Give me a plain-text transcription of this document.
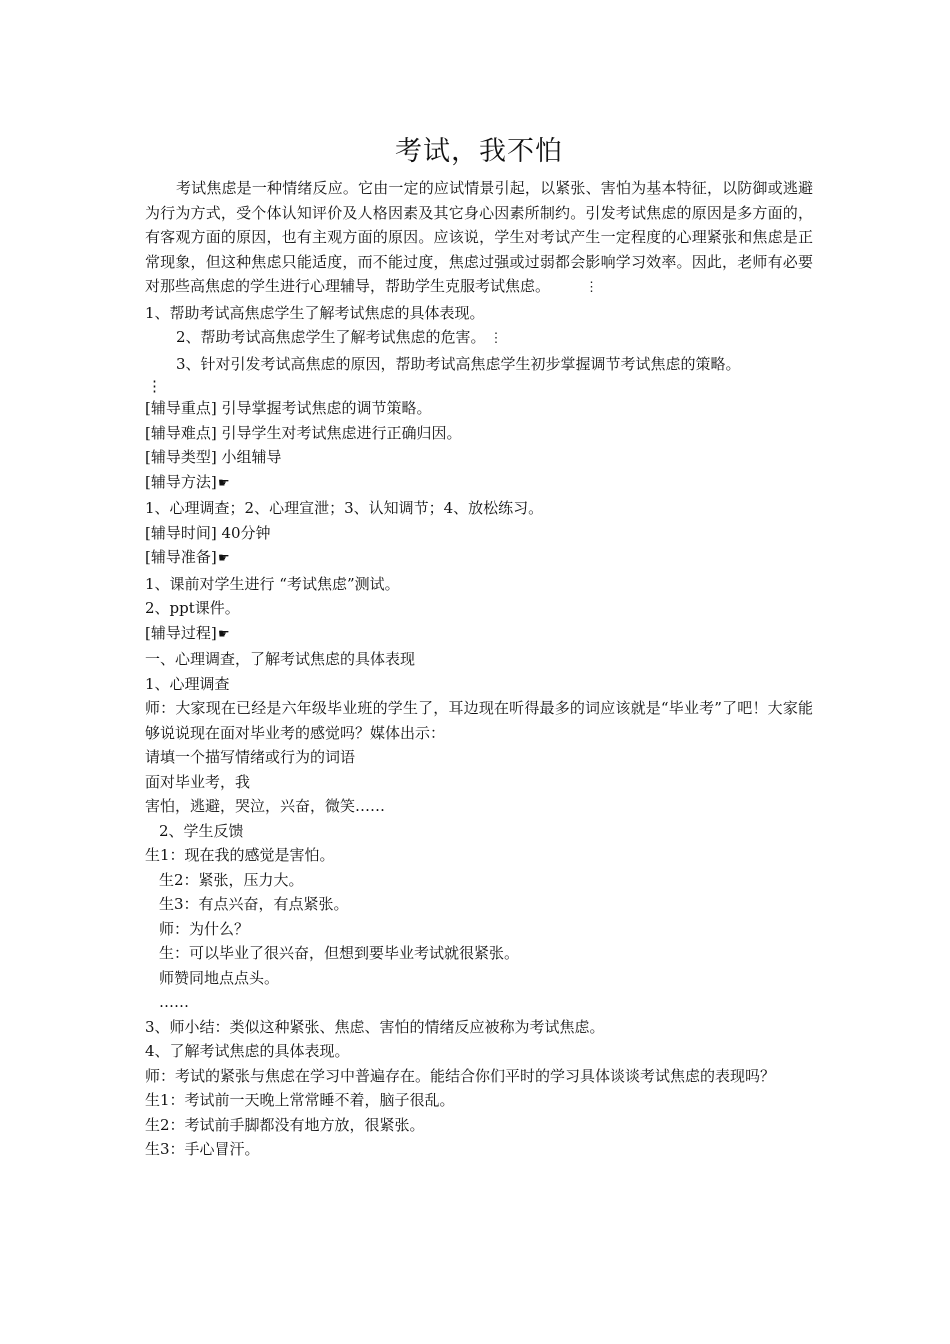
考试，我不怕

考试焦虑是一种情绪反应。它由一定的应试情景引起，以紧张、害怕为基本特征，以防御或逃避为行为方式，受个体认知评价及人格因素及其它身心因素所制约。引发考试焦虑的原因是多方面的，有客观方面的原因，也有主观方面的原因。应该说，学生对考试产生一定程度的心理紧张和焦虑是正常现象，但这种焦虑只能适度，而不能过度，焦虑过强或过弱都会影响学习效率。因此，老师有必要对那些高焦虑的学生进行心理辅导，帮助学生克服考试焦虑。	⋮

1、帮助考试高焦虑学生了解考试焦虑的具体表现。

2、帮助考试高焦虑学生了解考试焦虑的危害。 ⋮

3、针对引发考试高焦虑的原因，帮助考试高焦虑学生初步掌握调节考试焦虑的策略。

⋮

[辅导重点] 引导掌握考试焦虑的调节策略。

[辅导难点] 引导学生对考试焦虑进行正确归因。

[辅导类型] 小组辅导

[辅导方法]☚

1、心理调查；2、心理宣泄；3、认知调节；4、放松练习。

[辅导时间] 40分钟

[辅导准备]☚

1、课前对学生进行 “考试焦虑”测试。

2、ppt课件。

[辅导过程]☚

一、心理调查，了解考试焦虑的具体表现

1、心理调查

师：大家现在已经是六年级毕业班的学生了，耳边现在听得最多的词应该就是“毕业考”了吧！大家能够说说现在面对毕业考的感觉吗？媒体出示：

请填一个描写情绪或行为的词语

面对毕业考，我

害怕，逃避，哭泣，兴奋，微笑……

2、学生反馈

生1：现在我的感觉是害怕。

生2：紧张，压力大。

生3：有点兴奋，有点紧张。

师：为什么？

生：可以毕业了很兴奋，但想到要毕业考试就很紧张。

师赞同地点点头。

……

3、师小结：类似这种紧张、焦虑、害怕的情绪反应被称为考试焦虑。

4、了解考试焦虑的具体表现。

师：考试的紧张与焦虑在学习中普遍存在。能结合你们平时的学习具体谈谈考试焦虑的表现吗？

生1：考试前一天晚上常常睡不着，脑子很乱。

生2：考试前手脚都没有地方放，很紧张。

生3：手心冒汗。
